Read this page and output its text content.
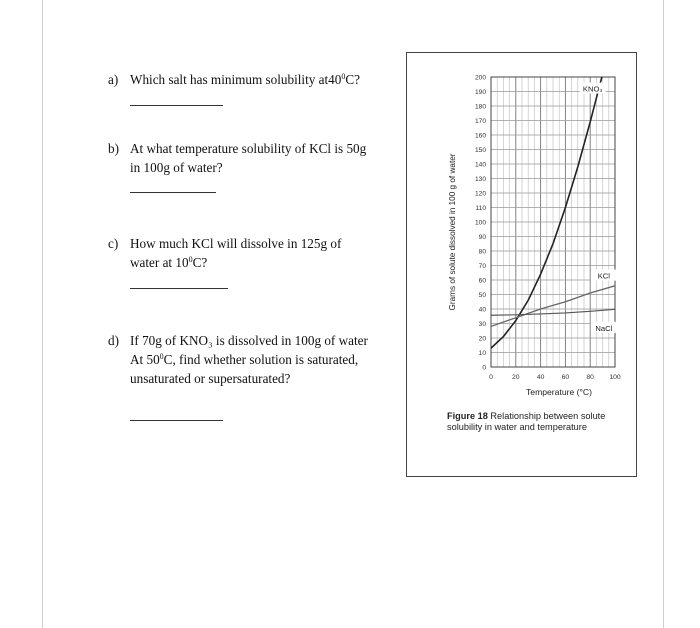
a) Which salt has minimum solubility $at40^0C$?
b) At what temperature solubility of KCl is 50g
in 100g of water?
c) How much KCl will dissolve in 125g of
water at $10^0C$?
d) If 70g of KNO₃ is dissolved in 100g of water
At $50^0C$, find whether solution is saturated,
unsaturated or supersaturated?
0
10
20
30
40
50
60
70
80
90
100
110
120
130
140
150
160
170
180
190
200
0	20	40	60	80 100
Temperature (°C)
Grams of solute dissolved in 100 g of water
KNO₃
KCl
NaCl
Figure 18 Relationship between solute solubility in water and temperature
